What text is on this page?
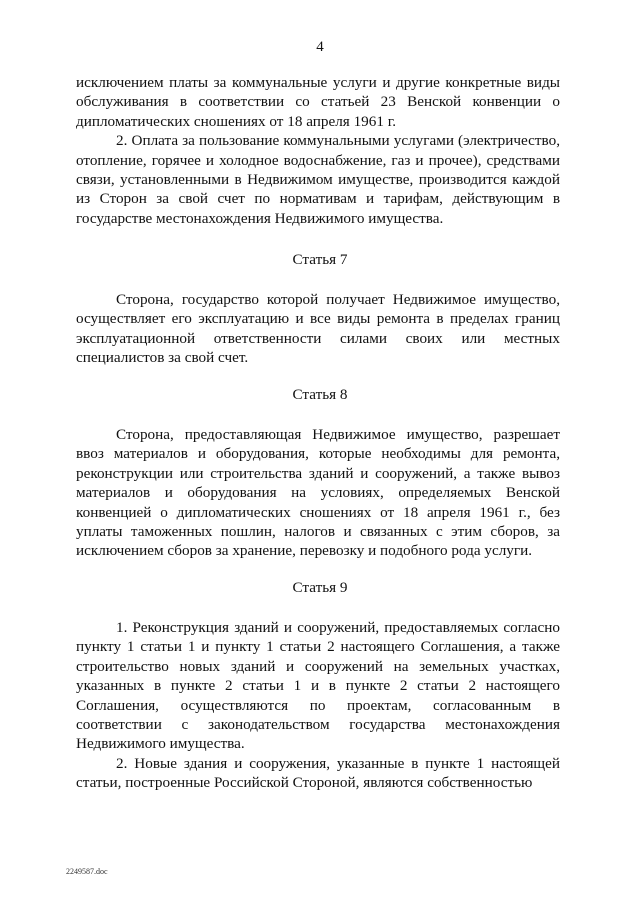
4

исключением платы за коммунальные услуги и другие конкретные виды обслуживания в соответствии со статьей 23 Венской конвенции о дипломатических сношениях от 18 апреля 1961 г.

2. Оплата за пользование коммунальными услугами (электричество, отопление, горячее и холодное водоснабжение, газ и прочее), средствами связи, установленными в Недвижимом имуществе, производится каждой из Сторон за свой счет по нормативам и тарифам, действующим в государстве местонахождения Недвижимого имущества.

Статья 7

Сторона, государство которой получает Недвижимое имущество, осуществляет его эксплуатацию и все виды ремонта в пределах границ эксплуатационной ответственности силами своих или местных специалистов за свой счет.

Статья 8

Сторона, предоставляющая Недвижимое имущество, разрешает ввоз материалов и оборудования, которые необходимы для ремонта, реконструкции или строительства зданий и сооружений, а также вывоз материалов и оборудования на условиях, определяемых Венской конвенцией о дипломатических сношениях от 18 апреля 1961 г., без уплаты таможенных пошлин, налогов и связанных с этим сборов, за исключением сборов за хранение, перевозку и подобного рода услуги.

Статья 9

1. Реконструкция зданий и сооружений, предоставляемых согласно пункту 1 статьи 1 и пункту 1 статьи 2 настоящего Соглашения, а также строительство новых зданий и сооружений на земельных участках, указанных в пункте 2 статьи 1 и в пункте 2 статьи 2 настоящего Соглашения, осуществляются по проектам, согласованным в соответствии с законодательством государства местонахождения Недвижимого имущества.

2. Новые здания и сооружения, указанные в пункте 1 настоящей статьи, построенные Российской Стороной, являются собственностью

2249587.doc
